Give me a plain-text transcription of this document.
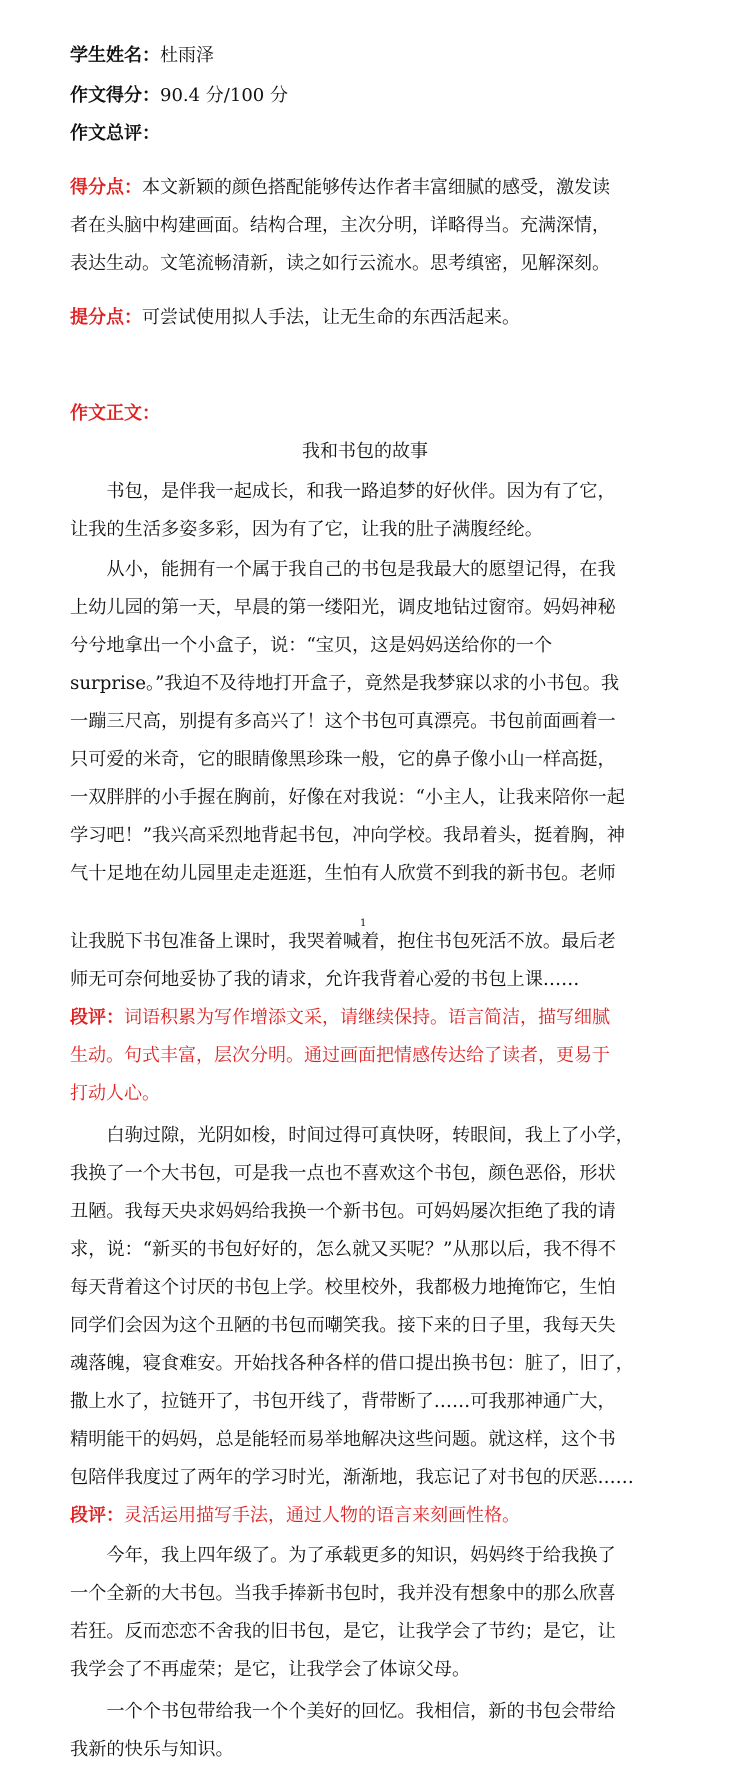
学生姓名：杜雨泽
作文得分：90.4 分/100 分
作文总评：
得分点：本文新颖的颜色搭配能够传达作者丰富细腻的感受，激发读
者在头脑中构建画面。结构合理，主次分明，详略得当。充满深情，
表达生动。文笔流畅清新，读之如行云流水。思考缜密，见解深刻。
提分点：可尝试使用拟人手法，让无生命的东西活起来。
作文正文：
我和书包的故事
　　书包，是伴我一起成长，和我一路追梦的好伙伴。因为有了它，
让我的生活多姿多彩，因为有了它，让我的肚子满腹经纶。
　　从小，能拥有一个属于我自己的书包是我最大的愿望记得，在我
上幼儿园的第一天，早晨的第一缕阳光，调皮地钻过窗帘。妈妈神秘
兮兮地拿出一个小盒子，说：“宝贝，这是妈妈送给你的一个
surprise。”我迫不及待地打开盒子，竟然是我梦寐以求的小书包。我
一蹦三尺高，别提有多高兴了！这个书包可真漂亮。书包前面画着一
只可爱的米奇，它的眼睛像黑珍珠一般，它的鼻子像小山一样高挺，
一双胖胖的小手握在胸前，好像在对我说：“小主人，让我来陪你一起
学习吧！”我兴高采烈地背起书包，冲向学校。我昂着头，挺着胸，神
气十足地在幼儿园里走走逛逛，生怕有人欣赏不到我的新书包。老师
1
让我脱下书包准备上课时，我哭着喊着，抱住书包死活不放。最后老
师无可奈何地妥协了我的请求，允许我背着心爱的书包上课……
段评：词语积累为写作增添文采，请继续保持。语言简洁，描写细腻
生动。句式丰富，层次分明。通过画面把情感传达给了读者，更易于
打动人心。
　　白驹过隙，光阴如梭，时间过得可真快呀，转眼间，我上了小学，
我换了一个大书包，可是我一点也不喜欢这个书包，颜色恶俗，形状
丑陋。我每天央求妈妈给我换一个新书包。可妈妈屡次拒绝了我的请
求，说：“新买的书包好好的，怎么就又买呢？”从那以后，我不得不
每天背着这个讨厌的书包上学。校里校外，我都极力地掩饰它，生怕
同学们会因为这个丑陋的书包而嘲笑我。接下来的日子里，我每天失
魂落魄，寝食难安。开始找各种各样的借口提出换书包：脏了，旧了，
撒上水了，拉链开了，书包开线了，背带断了……可我那神通广大，
精明能干的妈妈，总是能轻而易举地解决这些问题。就这样，这个书
包陪伴我度过了两年的学习时光，渐渐地，我忘记了对书包的厌恶……
段评：灵活运用描写手法，通过人物的语言来刻画性格。
　　今年，我上四年级了。为了承载更多的知识，妈妈终于给我换了
一个全新的大书包。当我手捧新书包时，我并没有想象中的那么欣喜
若狂。反而恋恋不舍我的旧书包，是它，让我学会了节约；是它，让
我学会了不再虚荣；是它，让我学会了体谅父母。
　　一个个书包带给我一个个美好的回忆。我相信，新的书包会带给
我新的快乐与知识。
